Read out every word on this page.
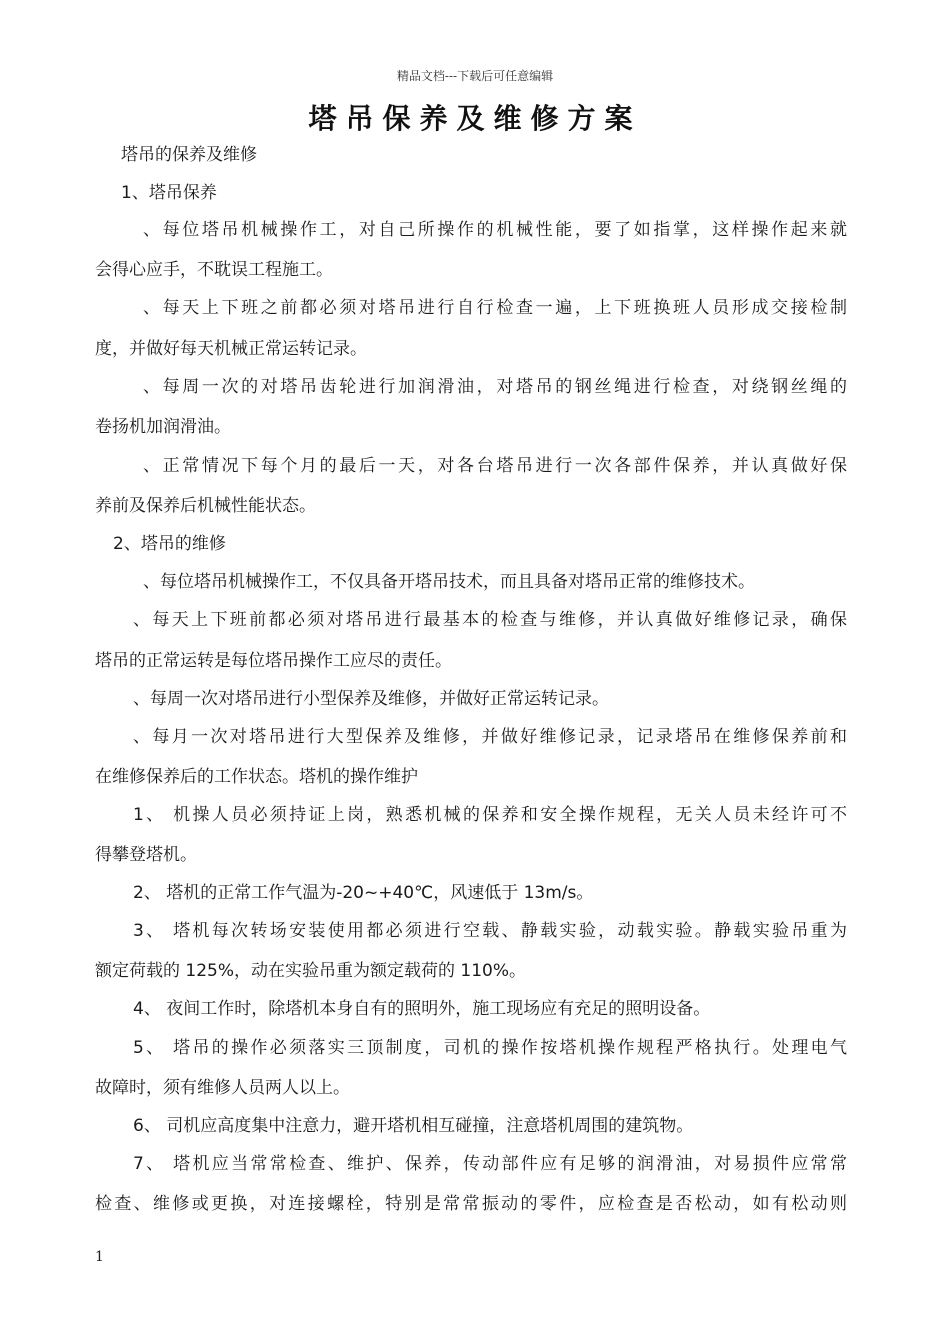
精品文档---下载后可任意编辑
塔吊保养及维修方案
塔吊的保养及维修
1、塔吊保养
、每位塔吊机械操作工，对自己所操作的机械性能，要了如指掌，这样操作起来就
会得心应手，不耽误工程施工。
、每天上下班之前都必须对塔吊进行自行检查一遍，上下班换班人员形成交接检制
度，并做好每天机械正常运转记录。
、每周一次的对塔吊齿轮进行加润滑油，对塔吊的钢丝绳进行检查，对绕钢丝绳的
卷扬机加润滑油。
、正常情况下每个月的最后一天，对各台塔吊进行一次各部件保养，并认真做好保
养前及保养后机械性能状态。
2、塔吊的维修
、每位塔吊机械操作工，不仅具备开塔吊技术，而且具备对塔吊正常的维修技术。
、每天上下班前都必须对塔吊进行最基本的检查与维修，并认真做好维修记录，确保
塔吊的正常运转是每位塔吊操作工应尽的责任。
、每周一次对塔吊进行小型保养及维修，并做好正常运转记录。
、每月一次对塔吊进行大型保养及维修，并做好维修记录，记录塔吊在维修保养前和
在维修保养后的工作状态。塔机的操作维护
1、 机操人员必须持证上岗，熟悉机械的保养和安全操作规程，无关人员未经许可不
得攀登塔机。
2、 塔机的正常工作气温为-20~+40℃，风速低于 13m/s。
3、 塔机每次转场安装使用都必须进行空载、静载实验，动载实验。静载实验吊重为
额定荷载的 125%，动在实验吊重为额定载荷的 110%。
4、 夜间工作时，除塔机本身自有的照明外，施工现场应有充足的照明设备。
5、 塔吊的操作必须落实三顶制度，司机的操作按塔机操作规程严格执行。处理电气
故障时，须有维修人员两人以上。
6、 司机应高度集中注意力，避开塔机相互碰撞，注意塔机周围的建筑物。
7、 塔机应当常常检查、维护、保养，传动部件应有足够的润滑油，对易损件应常常
检查、维修或更换，对连接螺栓，特别是常常振动的零件，应检查是否松动，如有松动则
1
